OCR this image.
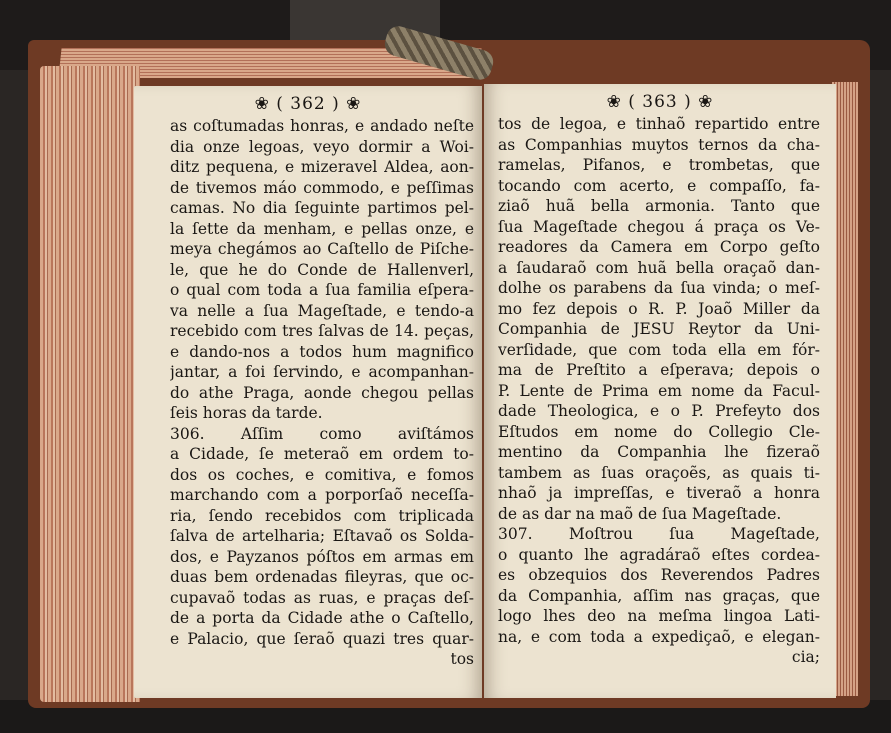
❀ ( 362 ) ❀
as coſtumadas honras, e andado neſte
dia onze legoas, veyo dormir a Woi-
ditz pequena, e mizeravel Aldea, aon-
de tivemos máo commodo, e peſſimas
camas. No dia ſeguinte partimos pel-
la ſette da menham, e pellas onze, e
meya chegámos ao Caſtello de Piſche-
le, que he do Conde de Hallenverl,
o qual com toda a ſua familia eſpera-
va nelle a ſua Mageſtade, e tendo-a
recebido com tres ſalvas de 14. peças,
e dando-nos a todos hum magnifico
jantar, a foi ſervindo, e acompanhan-
do athe Praga, aonde chegou pellas
ſeis horas da tarde.
306. Aſſim como aviſtámos
a Cidade, ſe meteraõ em ordem to-
dos os coches, e comitiva, e fomos
marchando com a porporſaõ neceſſa-
ria, ſendo recebidos com triplicada
ſalva de artelharia; Eſtavaõ os Solda-
dos, e Payzanos póſtos em armas em
duas bem ordenadas fileyras, que oc-
cupavaõ todas as ruas, e praças deſ-
de a porta da Cidade athe o Caſtello,
e Palacio, que ſeraõ quazi tres quar-
tos
❀ ( 363 ) ❀
tos de legoa, e tinhaõ repartido entre
as Companhias muytos ternos da cha-
ramelas, Pifanos, e trombetas, que
tocando com acerto, e compaſſo, fa-
ziaõ huã bella armonia. Tanto que
ſua Mageſtade chegou á praça os Ve-
readores da Camera em Corpo geſto
a ſaudaraõ com huã bella oraçaõ dan-
dolhe os parabens da ſua vinda; o meſ-
mo fez depois o R. P. Joaõ Miller da
Companhia de JESU Reytor da Uni-
verſidade, que com toda ella em fór-
ma de Preſtito a eſperava; depois o
P. Lente de Prima em nome da Facul-
dade Theologica, e o P. Prefeyto dos
Eſtudos em nome do Collegio Cle-
mentino da Companhia lhe fizeraõ
tambem as ſuas oraçoẽs, as quais ti-
nhaõ ja impreſſas, e tiveraõ a honra
de as dar na maõ de ſua Mageſtade.
307. Moſtrou ſua Mageſtade,
o quanto lhe agradáraõ eſtes cordea-
es obzequios dos Reverendos Padres
da Companhia, aſſim nas graças, que
logo lhes deo na meſma lingoa Lati-
na, e com toda a expediçaõ, e elegan-
cia;
